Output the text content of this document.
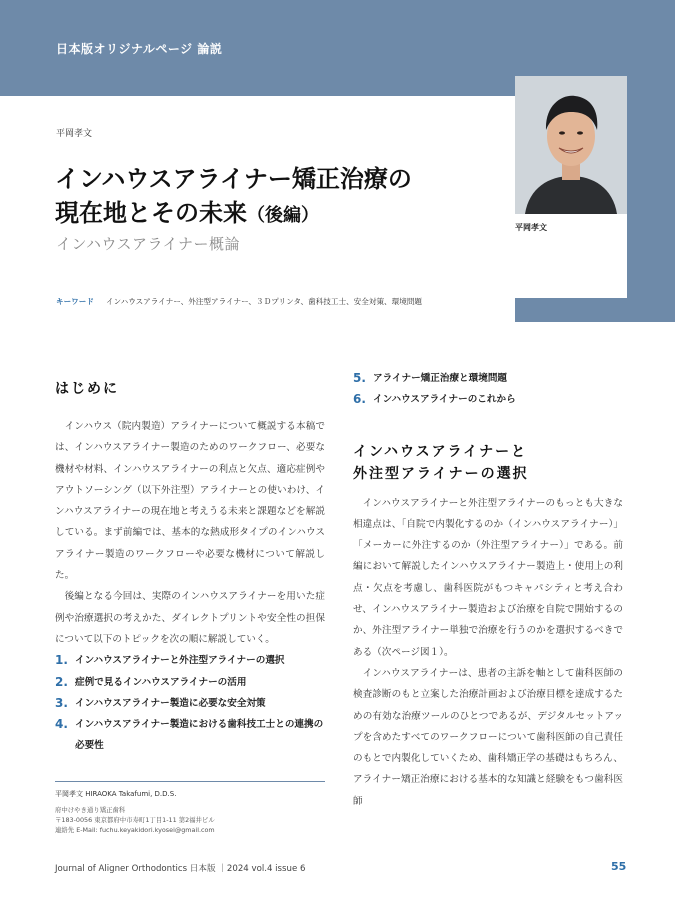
日本版オリジナルページ 論説
平岡孝文
平岡孝文
インハウスアライナー矯正治療の
現在地とその未来（後編）
インハウスアライナー概論
キーワード インハウスアライナー、外注型アライナー、３Ｄプリンタ、歯科技工士、安全対策、環境問題
はじめに

インハウス（院内製造）アライナーについて概説する本稿では、インハウスアライナー製造のためのワークフロー、必要な機材や材料、インハウスアライナーの利点と欠点、適応症例やアウトソーシング（以下外注型）アライナーとの使いわけ、インハウスアライナーの現在地と考えうる未来と課題などを解説している。まず前編では、基本的な熱成形タイプのインハウスアライナー製造のワークフローや必要な機材について解説した。

後編となる今回は、実際のインハウスアライナーを用いた症例や治療選択の考えかた、ダイレクトプリントや安全性の担保について以下のトピックを次の順に解説していく。

1. インハウスアライナーと外注型アライナーの選択
2. 症例で見るインハウスアライナーの活用
3. インハウスアライナー製造に必要な安全対策
4. インハウスアライナー製造における歯科技工士との連携の必要性
平岡孝文 HIRAOKA Takafumi, D.D.S.
府中けやき通り矯正歯科
〒183-0056 東京都府中市寿町1丁目1-11 第2福井ビル
連絡先 E-Mail: fuchu.keyakidori.kyosei@gmail.com
5. アライナー矯正治療と環境問題
6. インハウスアライナーのこれから
インハウスアライナーと
外注型アライナーの選択

インハウスアライナーと外注型アライナーのもっとも大きな相違点は、「自院で内製化するのか（インハウスアライナー）」「メーカーに外注するのか（外注型アライナー）」である。前編において解説したインハウスアライナー製造上・使用上の利点・欠点を考慮し、歯科医院がもつキャパシティと考え合わせ、インハウスアライナー製造および治療を自院で開始するのか、外注型アライナー単独で治療を行うのかを選択するべきである（次ページ図１）。

インハウスアライナーは、患者の主訴を軸として歯科医師の検査診断のもと立案した治療計画および治療目標を達成するための有効な治療ツールのひとつであるが、デジタルセットアップを含めたすべてのワークフローについて歯科医師の自己責任のもとで内製化していくため、歯科矯正学の基礎はもちろん、アライナー矯正治療における基本的な知識と経験をもつ歯科医師

Journal of Aligner Orthodontics 日本版 ｜2024 vol.4 issue 6	55
